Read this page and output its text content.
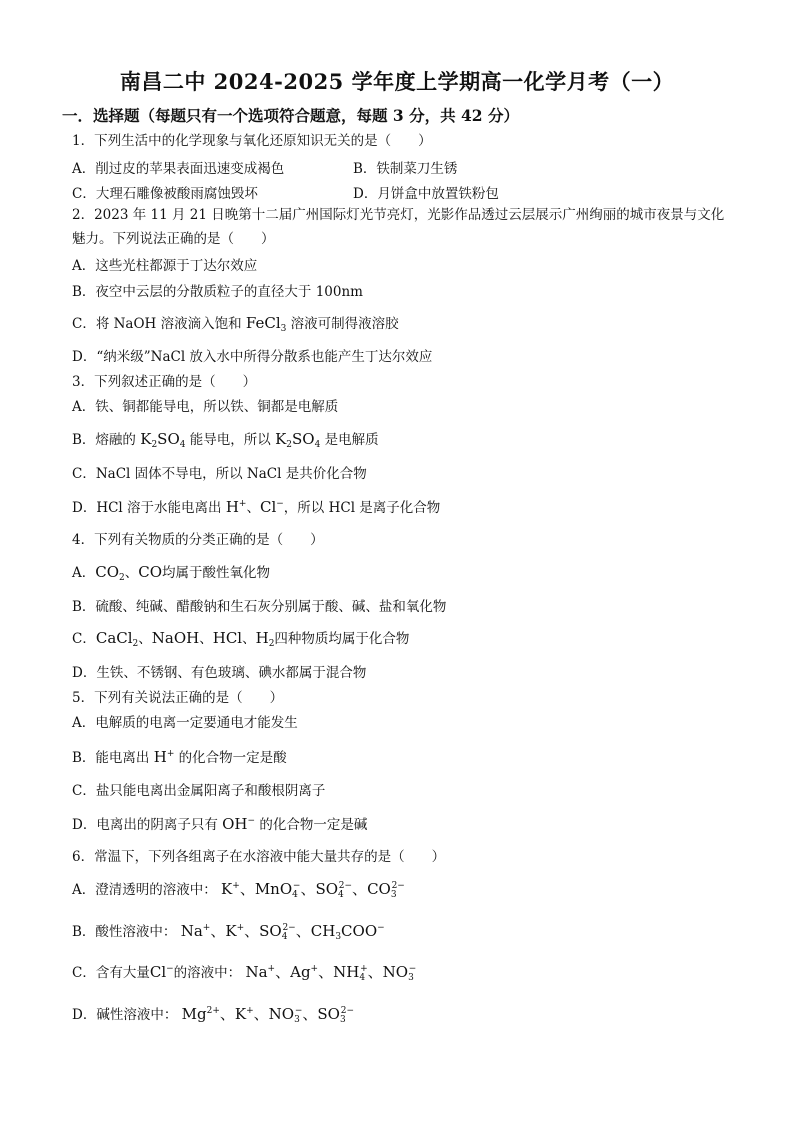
南昌二中 2024-2025 学年度上学期高一化学月考（一）
一．选择题（每题只有一个选项符合题意，每题 3 分，共 42 分）
1．下列生活中的化学现象与氧化还原知识无关的是（　　）
A．削过皮的苹果表面迅速变成褐色	B．铁制菜刀生锈
C．大理石雕像被酸雨腐蚀毁坏	D．月饼盒中放置铁粉包
2．2023 年 11 月 21 日晚第十二届广州国际灯光节亮灯，光影作品透过云层展示广州绚丽的城市夜景与文化魅力。下列说法正确的是（　　）
A．这些光柱都源于丁达尔效应
B．夜空中云层的分散质粒子的直径大于 100nm
C．将 NaOH 溶液滴入饱和 FeCl$_3$ 溶液可制得液溶胶
D．“纳米级”NaCl 放入水中所得分散系也能产生丁达尔效应
3．下列叙述正确的是（　　）
A．铁、铜都能导电，所以铁、铜都是电解质
B．熔融的 $K_2SO_4$ 能导电，所以 $K_2SO_4$ 是电解质
C．NaCl 固体不导电，所以 NaCl 是共价化合物
D．HCl 溶于水能电离出 H+、Cl−，所以 HCl 是离子化合物
4．下列有关物质的分类正确的是（　　）
A．$CO_2$、CO均属于酸性氧化物
B．硫酸、纯碱、醋酸钠和生石灰分别属于酸、碱、盐和氧化物
C．CaCl$_2$、NaOH、HCl、$H_2$四种物质均属于化合物
D．生铁、不锈钢、有色玻璃、碘水都属于混合物
5．下列有关说法正确的是（　　）
A．电解质的电离一定要通电才能发生
B．能电离出 H+ 的化合物一定是酸
C．盐只能电离出金属阳离子和酸根阴离子
D．电离出的阴离子只有 OH− 的化合物一定是碱
6．常温下，下列各组离子在水溶液中能大量共存的是（　　）
A．澄清透明的溶液中： K+、MnO$_4$−、$SO_4^{2-}$、$CO_3^{2-}$
B．酸性溶液中： Na+、K+、$SO_4^{2-}$、$CH_3COO^-$
C．含有大量Cl−的溶液中： Na+、Ag+、$NH_4^+$、$NO_3^-$
D．碱性溶液中： $Mg^{2+}$、K+、$NO_3^-$、$SO_3^{2-}$
